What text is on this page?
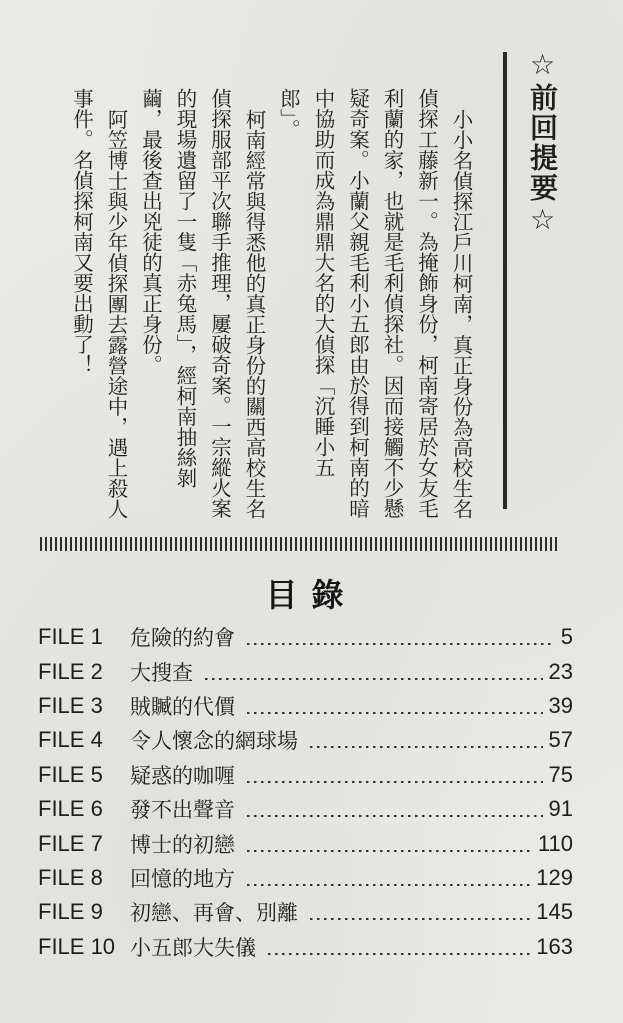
☆前回提要☆

小小名偵探江戶川柯南，真正身份為高校生名偵探工藤新一。為掩飾身份，柯南寄居於女友毛利蘭的家，也就是毛利偵探社。因而接觸不少懸疑奇案。小蘭父親毛利小五郎由於得到柯南的暗中協助而成為鼎鼎大名的大偵探「沉睡小五郎」。

柯南經常與得悉他的真正身份的關西高校生名偵探服部平次聯手推理，屢破奇案。一宗縱火案的現場遺留了一隻「赤兔馬」，經柯南抽絲剝繭，最後查出兇徒的真正身份。

阿笠博士與少年偵探團去露營途中，遇上殺人事件。名偵探柯南又要出動了！

目錄
FILE 1	危險的約會	5
FILE 2	大搜查	23
FILE 3	賊贓的代價	39
FILE 4	令人懷念的網球場	57
FILE 5	疑惑的咖喱	75
FILE 6	發不出聲音	91
FILE 7	博士的初戀	110
FILE 8	回憶的地方	129
FILE 9	初戀、再會、別離	145
FILE 10 小五郎大失儀	163
